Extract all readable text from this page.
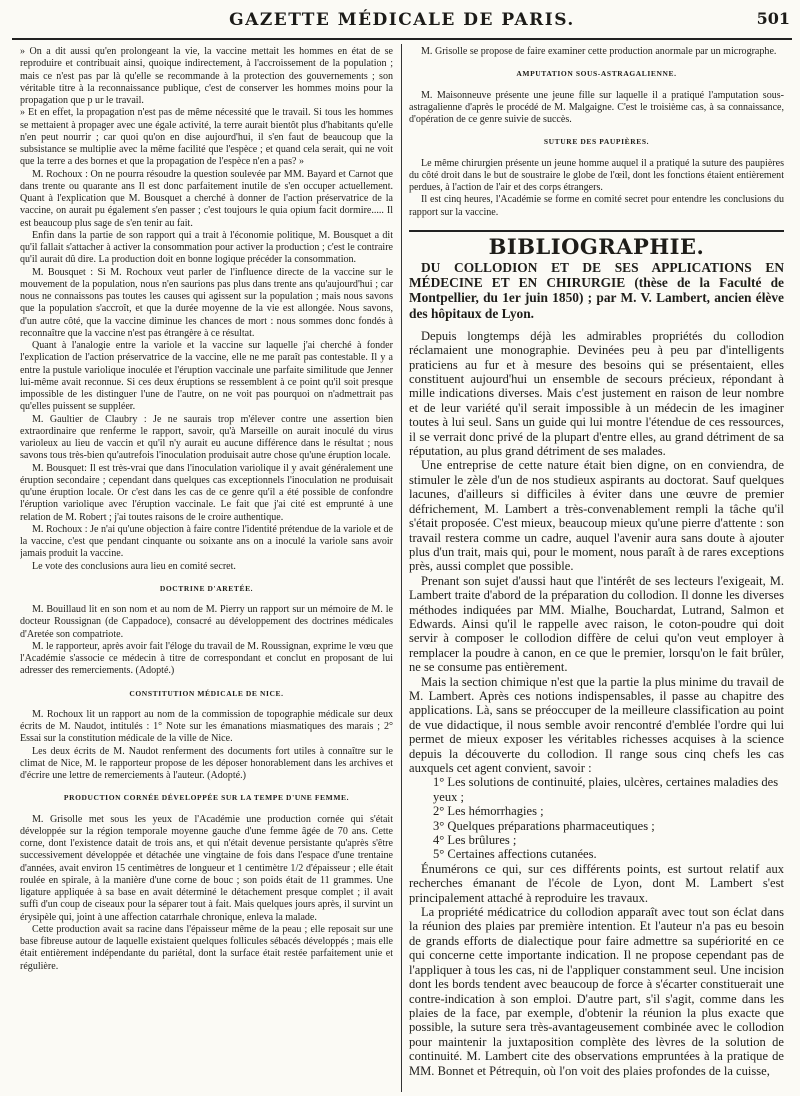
GAZETTE MÉDICALE DE PARIS.	501

» On a dit aussi qu'en prolongeant la vie, la vaccine mettait les hommes en état de se reproduire et contribuait ainsi, quoique indirectement, à l'accroissement de la population ; mais ce n'est pas par là qu'elle se recommande à la protection des gouvernements ; son véritable titre à la reconnaissance publique, c'est de conserver les hommes moins pour la propagation que p ur le travail.

» Et en effet, la propagation n'est pas de même nécessité que le travail. Si tous les hommes se mettaient à propager avec une égale activité, la terre aurait bientôt plus d'habitants qu'elle n'en peut nourrir ; car quoi qu'on en dise aujourd'hui, il s'en faut de beaucoup que la subsistance se multiplie avec la même facilité que l'espèce ; et quand cela serait, qui ne voit que la terre a des bornes et que la propagation de l'espèce n'en a pas? »

M. Rochoux : On ne pourra résoudre la question soulevée par MM. Bayard et Carnot que dans trente ou quarante ans Il est donc parfaitement inutile de s'en occuper actuellement. Quant à l'explication que M. Bousquet a cherché à donner de l'action préservatrice de la vaccine, on aurait pu également s'en passer ; c'est toujours le quia opium facit dormire..... Il est beaucoup plus sage de s'en tenir au fait.

Enfin dans la partie de son rapport qui a trait à l'économie politique, M. Bousquet a dit qu'il fallait s'attacher à activer la consommation pour activer la production ; c'est le contraire qu'il aurait dû dire. La production doit en bonne logique précéder la consommation.

M. Bousquet : Si M. Rochoux veut parler de l'influence directe de la vaccine sur le mouvement de la population, nous n'en saurions pas plus dans trente ans qu'aujourd'hui ; car nous ne connaissons pas toutes les causes qui agissent sur la population ; mais nous savons que la population s'accroît, et que la durée moyenne de la vie est allongée. Nous savons, d'un autre côté, que la vaccine diminue les chances de mort : nous sommes donc fondés à reconnaître que la vaccine n'est pas étrangère à ce résultat.

Quant à l'analogie entre la variole et la vaccine sur laquelle j'ai cherché à fonder l'explication de l'action préservatrice de la vaccine, elle ne me paraît pas contestable. Il y a entre la pustule variolique inoculée et l'éruption vaccinale une parfaite similitude que Jenner lui-même avait reconnue. Si ces deux éruptions se ressemblent à ce point qu'il soit presque impossible de les distinguer l'une de l'autre, on ne voit pas pourquoi on n'admettrait pas qu'elles puissent se suppléer.

M. Gaultier de Claubry : Je ne saurais trop m'élever contre une assertion bien extraordinaire que renferme le rapport, savoir, qu'à Marseille on aurait inoculé du virus varioleux au lieu de vaccin et qu'il n'y aurait eu aucune différence dans le résultat ; nous savons tous très-bien qu'autrefois l'inoculation produisait autre chose qu'une éruption locale.

M. Bousquet: Il est très-vrai que dans l'inoculation variolique il y avait généralement une éruption secondaire ; cependant dans quelques cas exceptionnels l'inoculation ne produisait qu'une éruption locale. Or c'est dans les cas de ce genre qu'il a été possible de confondre l'éruption variolique avec l'éruption vaccinale. Le fait que j'ai cité est emprunté à une relation de M. Robert ; j'ai toutes raisons de le croire authentique.

M. Rochoux : Je n'ai qu'une objection à faire contre l'identité prétendue de la variole et de la vaccine, c'est que pendant cinquante ou soixante ans on a inoculé la variole sans avoir jamais produit la vaccine.

Le vote des conclusions aura lieu en comité secret.

DOCTRINE D'ARETÉE.

M. Bouillaud lit en son nom et au nom de M. Pierry un rapport sur un mémoire de M. le docteur Roussignan (de Cappadoce), consacré au développement des doctrines médicales d'Aretée son compatriote.

M. le rapporteur, après avoir fait l'éloge du travail de M. Roussignan, exprime le vœu que l'Académie s'associe ce médecin à titre de correspondant et conclut en proposant de lui adresser des remerciements. (Adopté.)

CONSTITUTION MÉDICALE DE NICE.

M. Rochoux lit un rapport au nom de la commission de topographie médicale sur deux écrits de M. Naudot, intitulés : 1° Note sur les émanations miasmatiques des marais ; 2° Essai sur la constitution médicale de la ville de Nice.

Les deux écrits de M. Naudot renferment des documents fort utiles à connaître sur le climat de Nice, M. le rapporteur propose de les déposer honorablement dans les archives et d'écrire une lettre de remerciements à l'auteur. (Adopté.)

PRODUCTION CORNÉE DÉVELOPPÉE SUR LA TEMPE D'UNE FEMME.

M. Grisolle met sous les yeux de l'Académie une production cornée qui s'était développée sur la région temporale moyenne gauche d'une femme âgée de 70 ans. Cette corne, dont l'existence datait de trois ans, et qui n'était devenue persistante qu'après s'être successivement développée et détachée une vingtaine de fois dans l'espace d'une trentaine d'années, avait environ 15 centimètres de longueur et 1 centimètre 1/2 d'épaisseur ; elle était roulée en spirale, à la manière d'une corne de bouc ; son poids était de 11 grammes. Une ligature appliquée à sa base en avait déterminé le détachement presque complet ; il avait suffi d'un coup de ciseaux pour la séparer tout à fait. Mais quelques jours après, il survint un érysipèle qui, joint à une affection catarrhale chronique, enleva la malade.

Cette production avait sa racine dans l'épaisseur même de la peau ; elle reposait sur une base fibreuse autour de laquelle existaient quelques follicules sébacés développés ; mais elle était entièrement indépendante du pariétal, dont la surface était restée parfaitement unie et régulière.

M. Grisolle se propose de faire examiner cette production anormale par un micrographe.

AMPUTATION SOUS-ASTRAGALIENNE.

M. Maisonneuve présente une jeune fille sur laquelle il a pratiqué l'amputation sous-astragalienne d'après le procédé de M. Malgaigne. C'est le troisième cas, à sa connaissance, d'opération de ce genre suivie de succès.

SUTURE DES PAUPIÈRES.

Le même chirurgien présente un jeune homme auquel il a pratiqué la suture des paupières du côté droit dans le but de soustraire le globe de l'œil, dont les fonctions étaient entièrement perdues, à l'action de l'air et des corps étrangers.

Il est cinq heures, l'Académie se forme en comité secret pour entendre les conclusions du rapport sur la vaccine.

BIBLIOGRAPHIE.
DU COLLODION ET DE SES APPLICATIONS EN MÉDECINE ET EN CHIRURGIE (thèse de la Faculté de Montpellier, du 1er juin 1850) ; par M. V. Lambert, ancien élève des hôpitaux de Lyon.

Depuis longtemps déjà les admirables propriétés du collodion réclamaient une monographie. Devinées peu à peu par d'intelligents praticiens au fur et à mesure des besoins qui se présentaient, elles constituent aujourd'hui un ensemble de secours précieux, répondant à mille indications diverses. Mais c'est justement en raison de leur nombre et de leur variété qu'il serait impossible à un médecin de les imaginer toutes à lui seul. Sans un guide qui lui montre l'étendue de ces ressources, il se verrait donc privé de la plupart d'entre elles, au grand détriment de sa réputation, au plus grand détriment de ses malades.

Une entreprise de cette nature était bien digne, on en conviendra, de stimuler le zèle d'un de nos studieux aspirants au doctorat. Sauf quelques lacunes, d'ailleurs si difficiles à éviter dans une œuvre de premier défrichement, M. Lambert a très-convenablement rempli la tâche qu'il s'était proposée. C'est mieux, beaucoup mieux qu'une pierre d'attente : son travail restera comme un cadre, auquel l'avenir aura sans doute à ajouter plus d'un trait, mais qui, pour le moment, nous paraît à de rares exceptions près, aussi complet que possible.

Prenant son sujet d'aussi haut que l'intérêt de ses lecteurs l'exigeait, M. Lambert traite d'abord de la préparation du collodion. Il donne les diverses méthodes indiquées par MM. Mialhe, Bouchardat, Lutrand, Salmon et Edwards. Ainsi qu'il le rappelle avec raison, le coton-poudre qui doit servir à composer le collodion diffère de celui qu'on veut employer à remplacer la poudre à canon, en ce que le premier, lorsqu'on le fait brûler, ne se consume pas entièrement.

Mais la section chimique n'est que la partie la plus minime du travail de M. Lambert. Après ces notions indispensables, il passe au chapitre des applications. Là, sans se préoccuper de la meilleure classification au point de vue didactique, il nous semble avoir rencontré d'emblée l'ordre qui lui permet de mieux exposer les véritables richesses acquises à la science depuis la découverte du collodion. Il range sous cinq chefs les cas auxquels cet agent convient, savoir :

1° Les solutions de continuité, plaies, ulcères, certaines maladies des yeux ;
2° Les hémorrhagies ;
3° Quelques préparations pharmaceutiques ;
4° Les brûlures ;
5° Certaines affections cutanées.

Énumérons ce qui, sur ces différents points, est surtout relatif aux recherches émanant de l'école de Lyon, dont M. Lambert s'est principalement attaché à reproduire les travaux.

La propriété médicatrice du collodion apparaît avec tout son éclat dans la réunion des plaies par première intention. Et l'auteur n'a pas eu besoin de grands efforts de dialectique pour faire admettre sa supériorité en ce qui concerne cette importante indication. Il ne propose cependant pas de l'appliquer à tous les cas, ni de l'appliquer constamment seul. Une incision dont les bords tendent avec beaucoup de force à s'écarter constituerait une contre-indication à son emploi. D'autre part, s'il s'agit, comme dans les plaies de la face, par exemple, d'obtenir la réunion la plus exacte que possible, la suture sera très-avantageusement combinée avec le collodion pour maintenir la juxtaposition complète des lèvres de la solution de continuité. M. Lambert cite des observations empruntées à la pratique de MM. Bonnet et Pétrequin, où l'on voit des plaies profondes de la cuisse,
